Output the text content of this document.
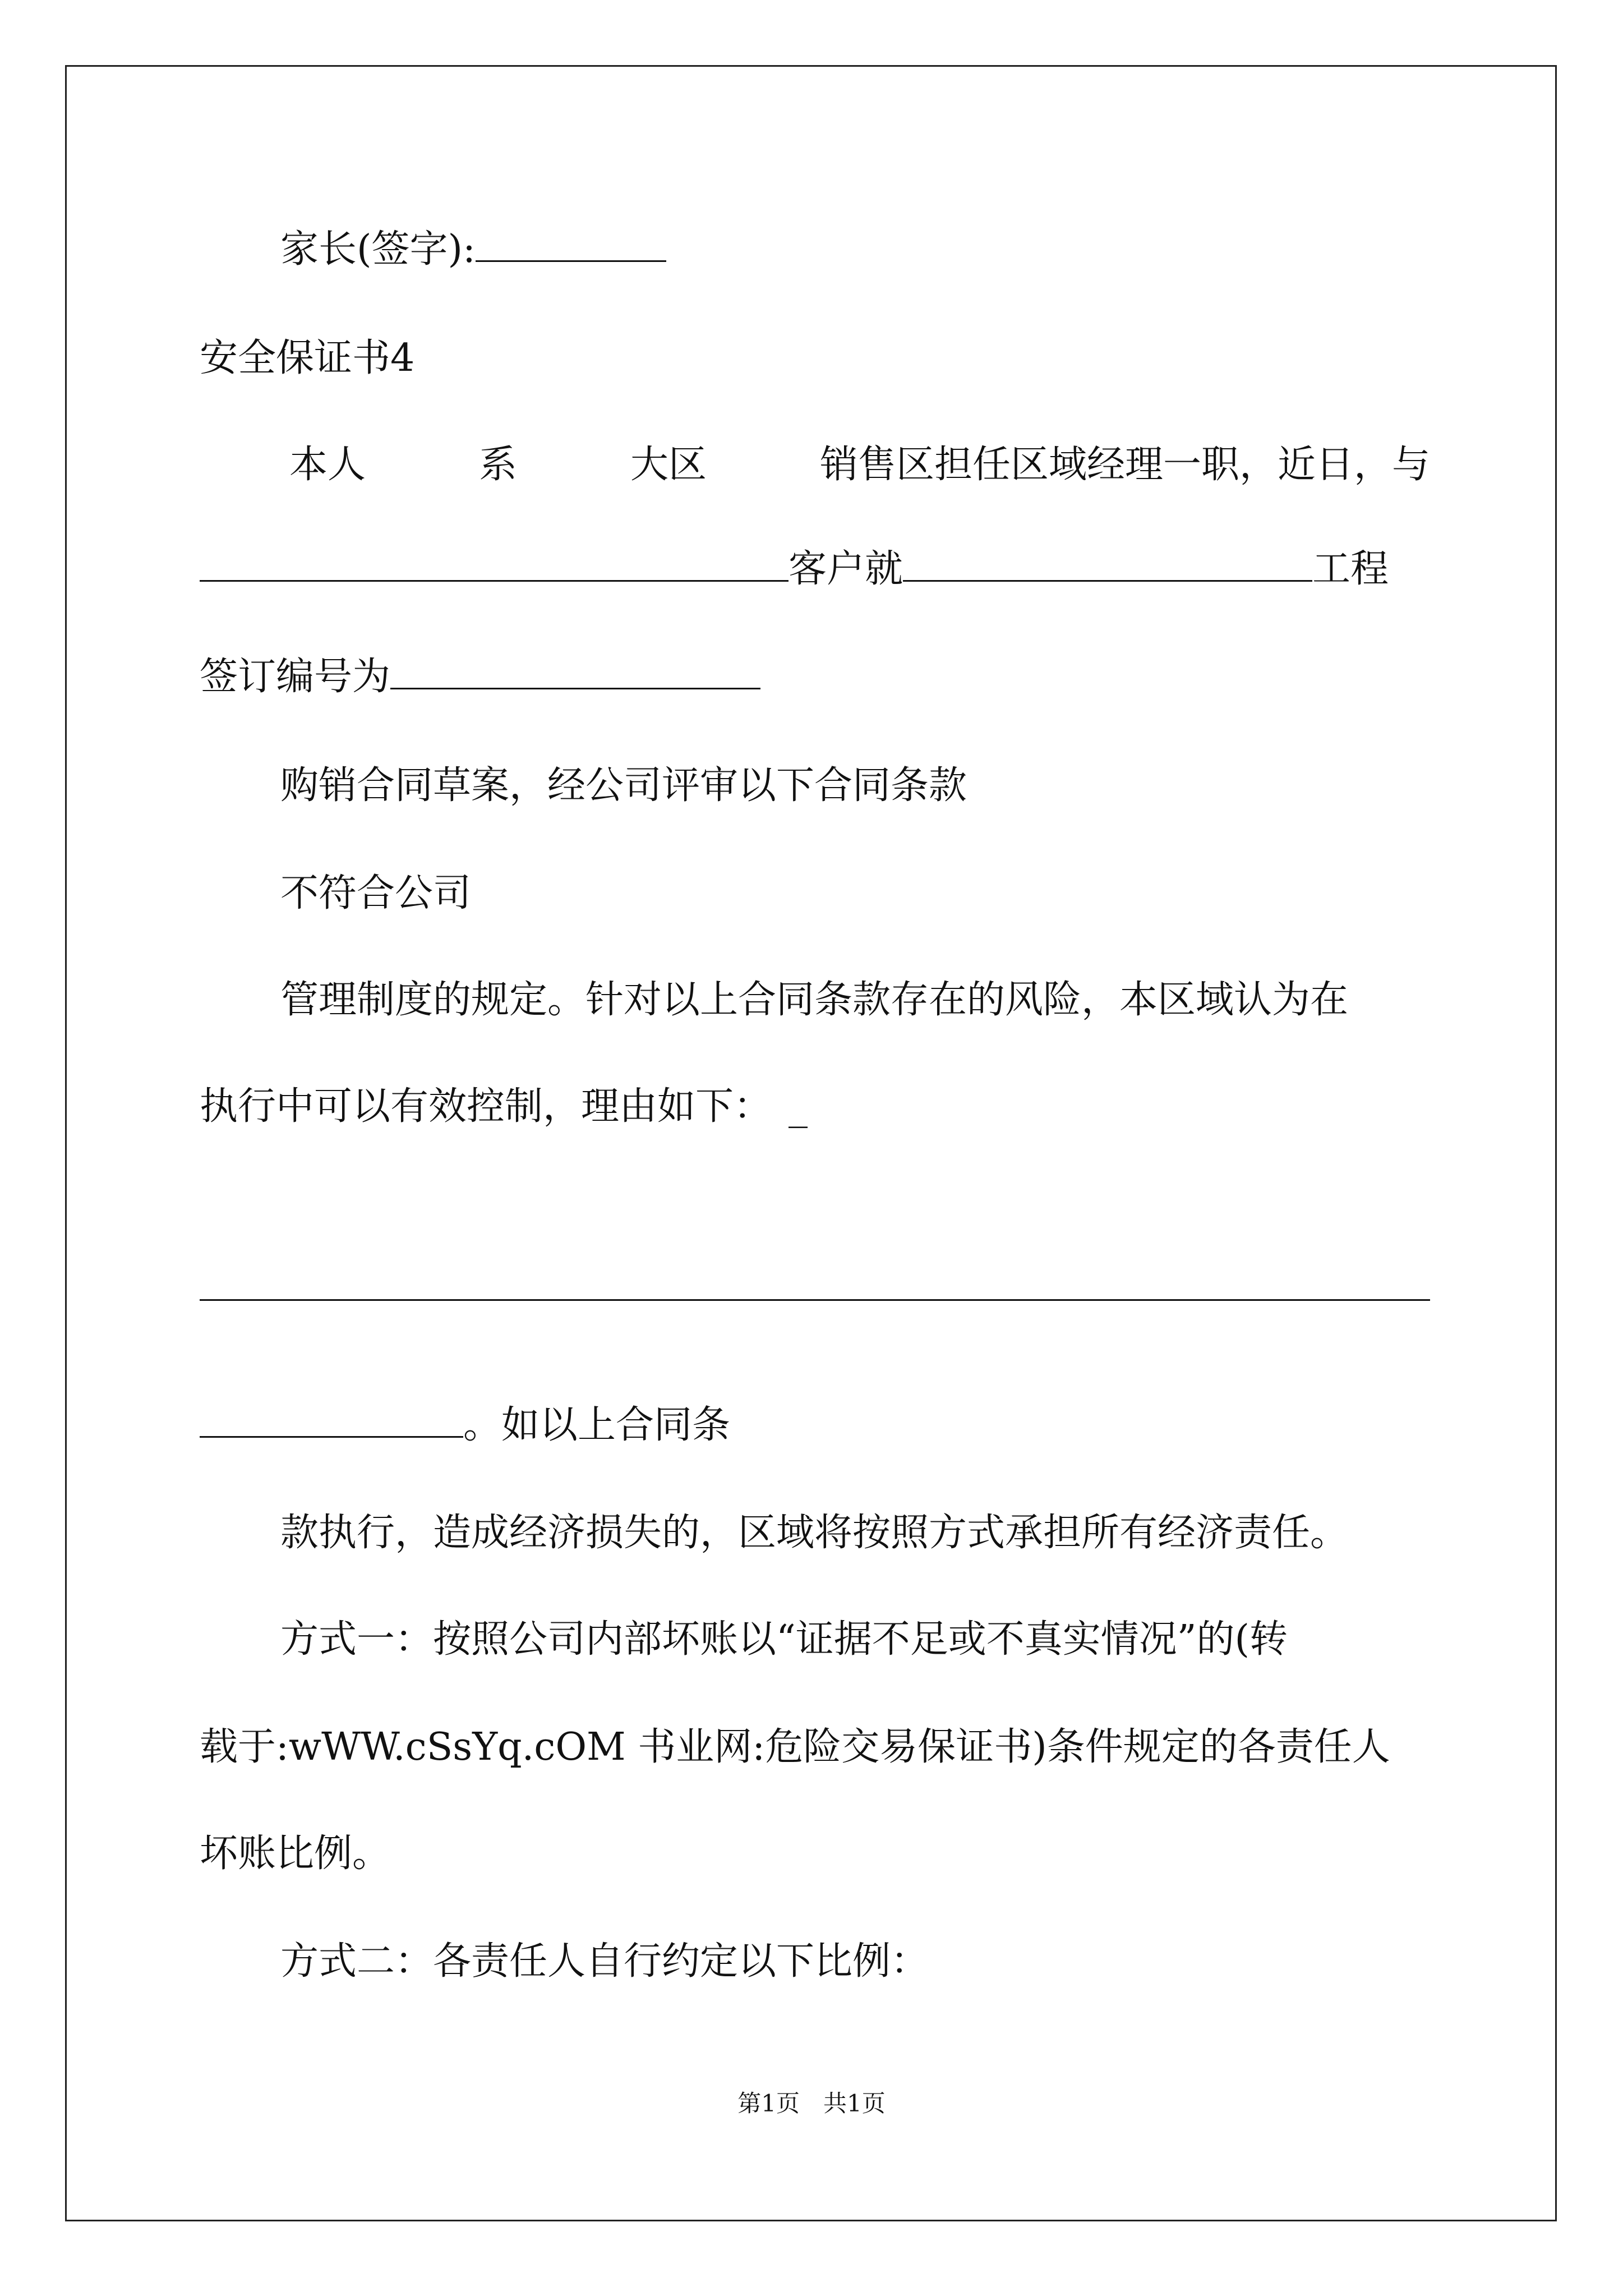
家长(签字):
安全保证书4
本人	系	大区	销售区担任区域经理一职，近日，与
客户就	工程
签订编号为
购销合同草案，经公司评审以下合同条款
不符合公司
管理制度的规定。针对以上合同条款存在的风险，本区域认为在
执行中可以有效控制，理由如下： _
。如以上合同条
款执行，造成经济损失的，区域将按照方式承担所有经济责任。
方式一：按照公司内部坏账以“证据不足或不真实情况”的(转
载于:wWW.cSsYq.cOM 书业网:危险交易保证书)条件规定的各责任人
坏账比例。
方式二：各责任人自行约定以下比例：
第1页　共1页
